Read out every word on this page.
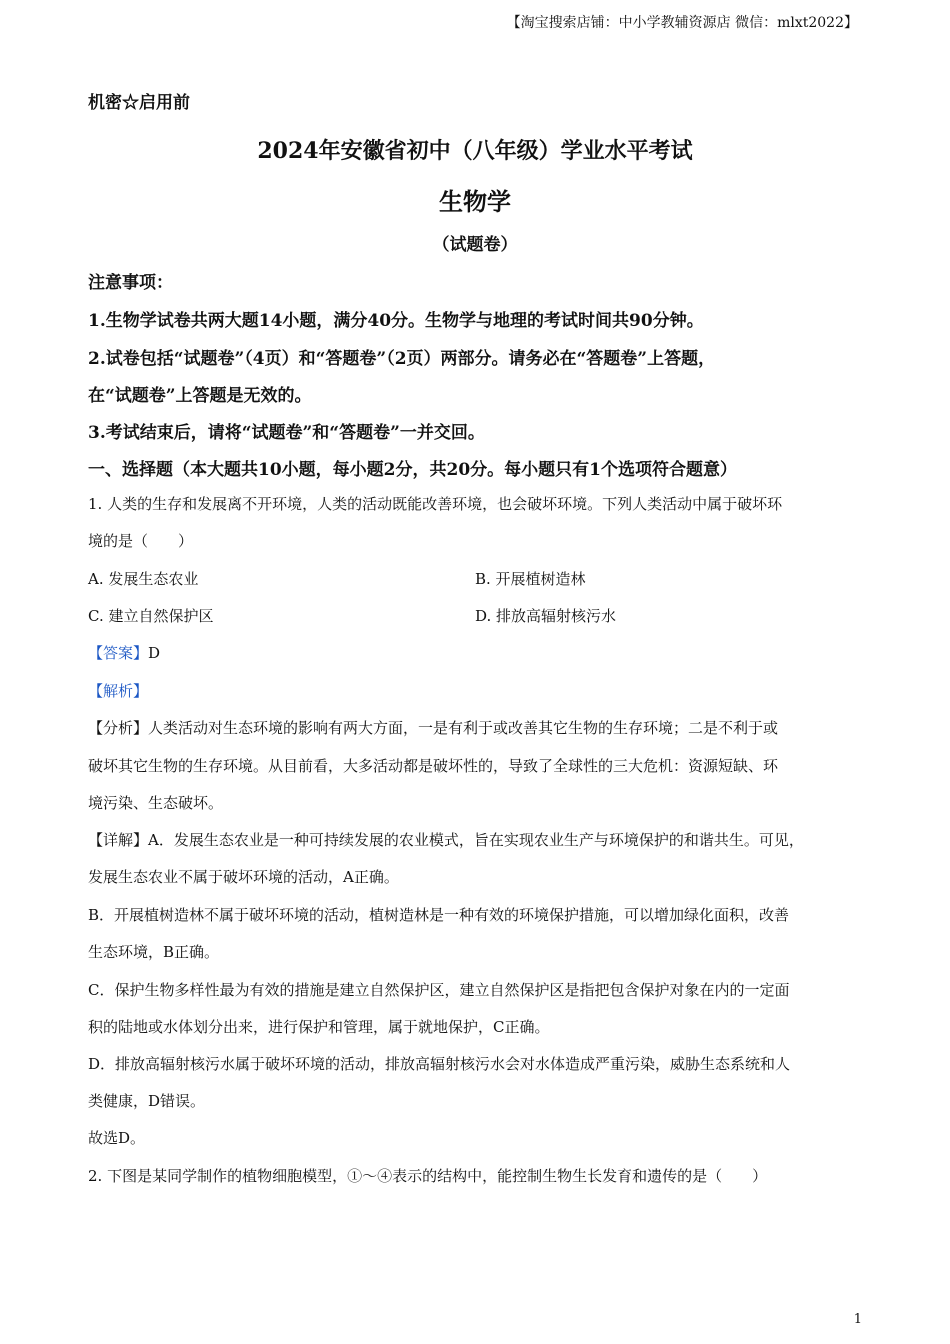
【淘宝搜索店铺：中小学教辅资源店 微信：mlxt2022】
机密☆启用前
2024年安徽省初中（八年级）学业水平考试
生物学
（试题卷）
注意事项：
1.生物学试卷共两大题14小题，满分40分。生物学与地理的考试时间共90分钟。
2.试卷包括“试题卷”（4页）和“答题卷”（2页）两部分。请务必在“答题卷”上答题，
在“试题卷”上答题是无效的。
3.考试结束后，请将“试题卷”和“答题卷”一并交回。
一、选择题（本大题共10小题，每小题2分，共20分。每小题只有1个选项符合题意）
1. 人类的生存和发展离不开环境，人类的活动既能改善环境，也会破坏环境。下列人类活动中属于破坏环
境的是（　　）
A. 发展生态农业	B. 开展植树造林
C. 建立自然保护区	D. 排放高辐射核污水
【答案】D
【解析】
【分析】人类活动对生态环境的影响有两大方面，一是有利于或改善其它生物的生存环境；二是不利于或
破坏其它生物的生存环境。从目前看，大多活动都是破坏性的，导致了全球性的三大危机：资源短缺、环
境污染、生态破坏。
【详解】A．发展生态农业是一种可持续发展的农业模式，旨在实现农业生产与环境保护的和谐共生。可见，
发展生态农业不属于破坏环境的活动，A正确。
B．开展植树造林不属于破坏环境的活动，植树造林是一种有效的环境保护措施，可以增加绿化面积，改善
生态环境，B正确。
C．保护生物多样性最为有效的措施是建立自然保护区，建立自然保护区是指把包含保护对象在内的一定面
积的陆地或水体划分出来，进行保护和管理，属于就地保护，C正确。
D．排放高辐射核污水属于破坏环境的活动，排放高辐射核污水会对水体造成严重污染，威胁生态系统和人
类健康，D错误。
故选D。
2. 下图是某同学制作的植物细胞模型，①～④表示的结构中，能控制生物生长发育和遗传的是（　　）
1
